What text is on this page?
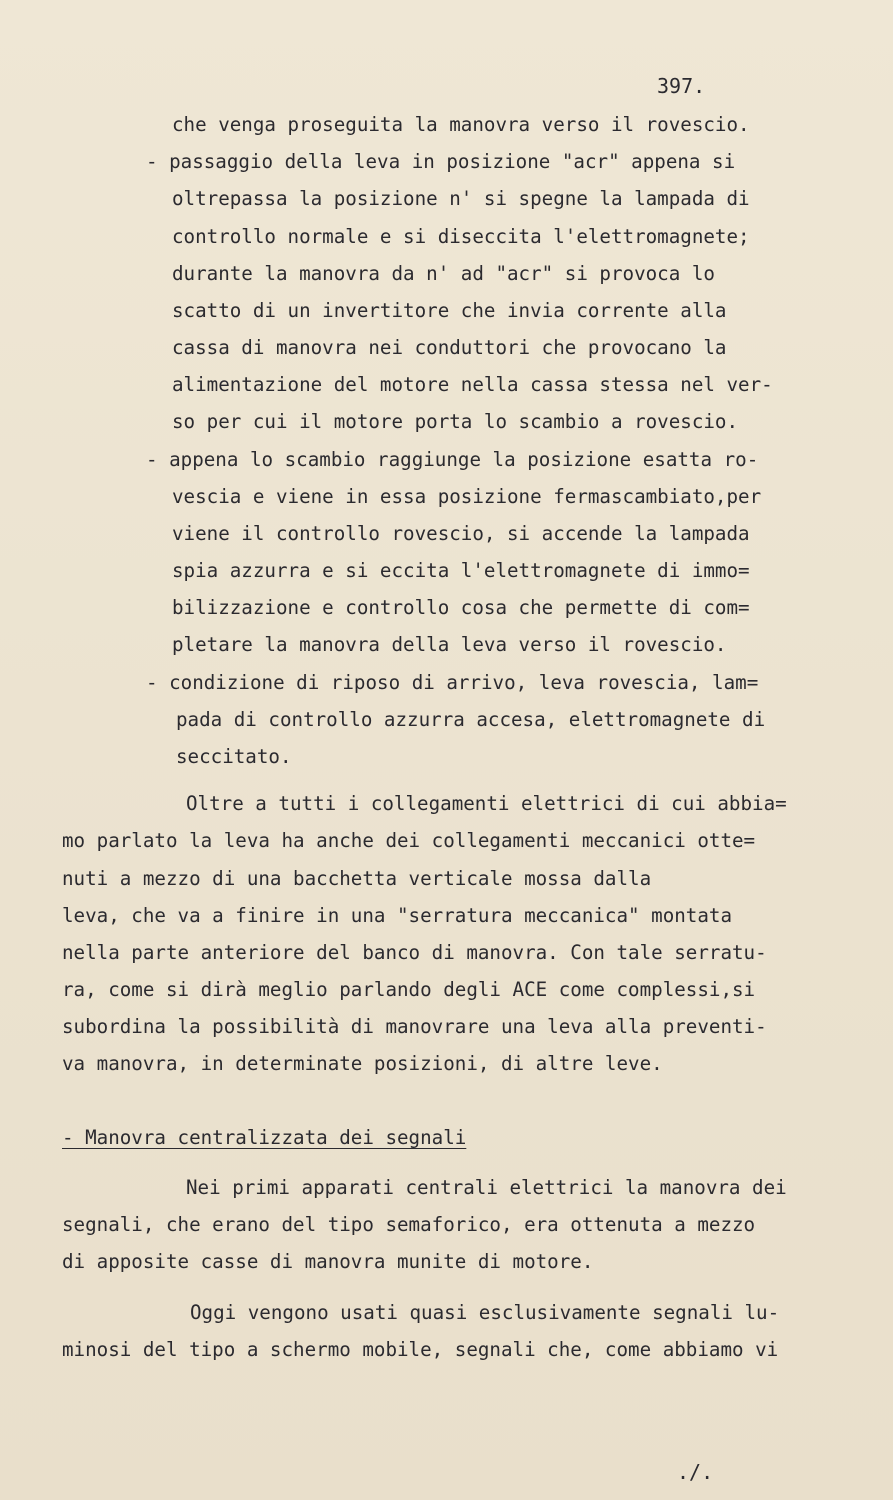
397.
che venga proseguita la manovra verso il rovescio.
- passaggio della leva in posizione "acr" appena si
oltrepassa la posizione n' si spegne la lampada di
controllo normale e si diseccita l'elettromagnete;
durante la manovra da n' ad "acr" si provoca lo
scatto di un invertitore che invia corrente alla
cassa di manovra nei conduttori che provocano la
alimentazione del motore nella cassa stessa nel ver-
so per cui il motore porta lo scambio a rovescio.
- appena lo scambio raggiunge la posizione esatta ro-
vescia e viene in essa posizione fermascambiato,per
viene il controllo rovescio, si accende la lampada
spia azzurra e si eccita l'elettromagnete di immo=
bilizzazione e controllo cosa che permette di com=
pletare la manovra della leva verso il rovescio.
- condizione di riposo di arrivo, leva rovescia, lam=
pada di controllo azzurra accesa, elettromagnete di
seccitato.
Oltre a tutti i collegamenti elettrici di cui abbia=
mo parlato la leva ha anche dei collegamenti meccanici otte=
nuti a mezzo di una bacchetta verticale mossa dalla
leva, che va a finire in una "serratura meccanica" montata
nella parte anteriore del banco di manovra. Con tale serratu-
ra, come si dirà meglio parlando degli ACE come complessi,si
subordina la possibilità di manovrare una leva alla preventi-
va manovra, in determinate posizioni, di altre leve.
- Manovra centralizzata dei segnali
Nei primi apparati centrali elettrici la manovra dei
segnali, che erano del tipo semaforico, era ottenuta a mezzo
di apposite casse di manovra munite di motore.
Oggi vengono usati quasi esclusivamente segnali lu-
minosi del tipo a schermo mobile, segnali che, come abbiamo vi
./.
